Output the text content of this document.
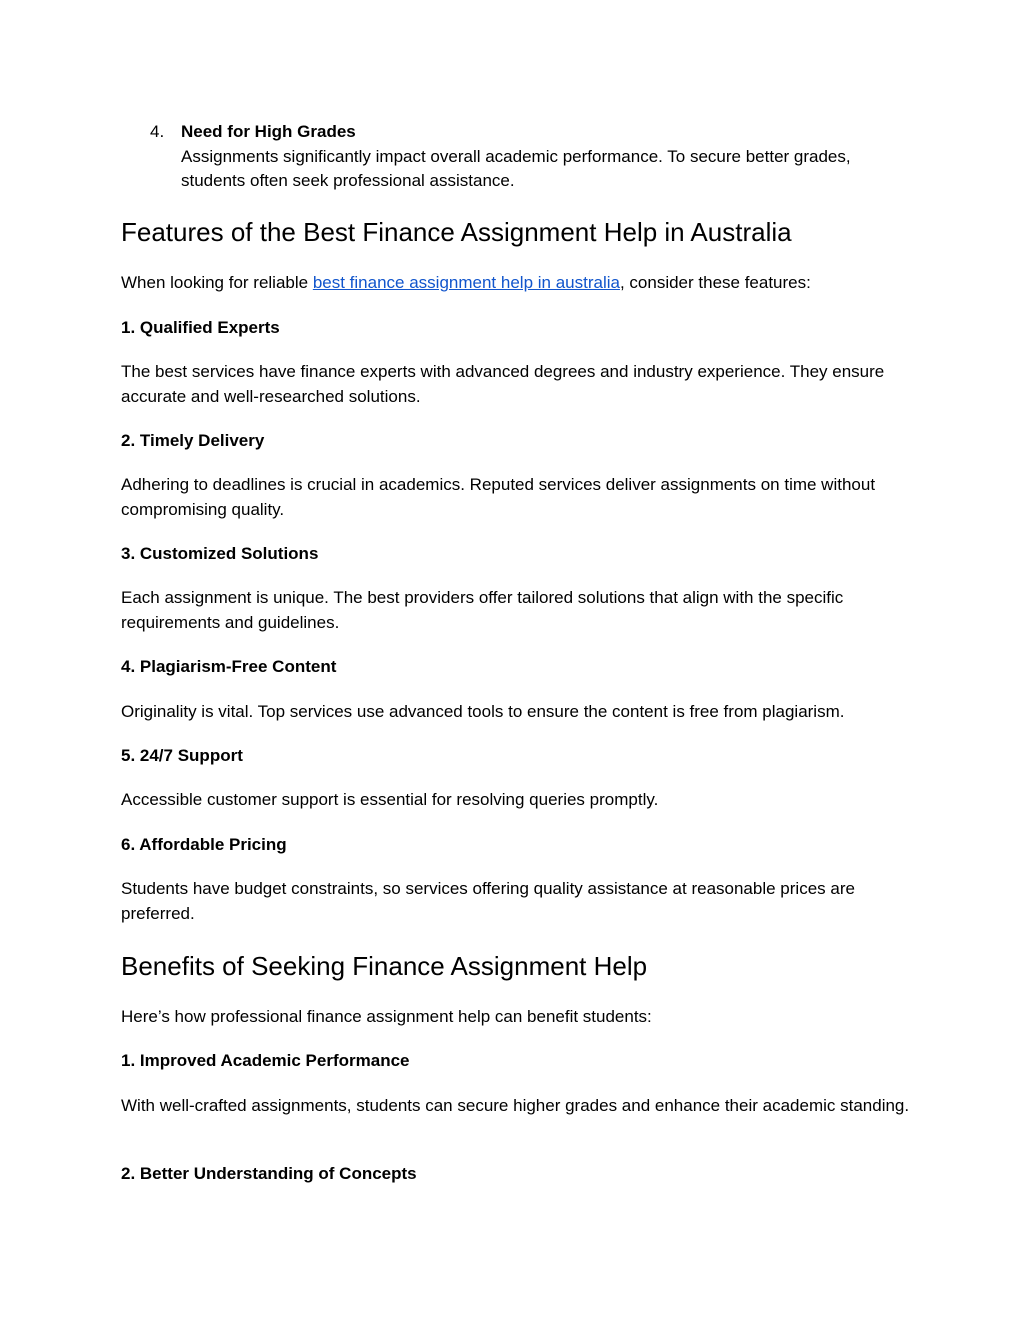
4. Need for High Grades
Assignments significantly impact overall academic performance. To secure better grades, students often seek professional assistance.
Features of the Best Finance Assignment Help in Australia

When looking for reliable best finance assignment help in australia, consider these features:

1. Qualified Experts

The best services have finance experts with advanced degrees and industry experience. They ensure accurate and well-researched solutions.

2. Timely Delivery

Adhering to deadlines is crucial in academics. Reputed services deliver assignments on time without compromising quality.

3. Customized Solutions

Each assignment is unique. The best providers offer tailored solutions that align with the specific requirements and guidelines.

4. Plagiarism-Free Content

Originality is vital. Top services use advanced tools to ensure the content is free from plagiarism.

5. 24/7 Support

Accessible customer support is essential for resolving queries promptly.

6. Affordable Pricing

Students have budget constraints, so services offering quality assistance at reasonable prices are preferred.

Benefits of Seeking Finance Assignment Help

Here’s how professional finance assignment help can benefit students:

1. Improved Academic Performance

With well-crafted assignments, students can secure higher grades and enhance their academic standing.

2. Better Understanding of Concepts
